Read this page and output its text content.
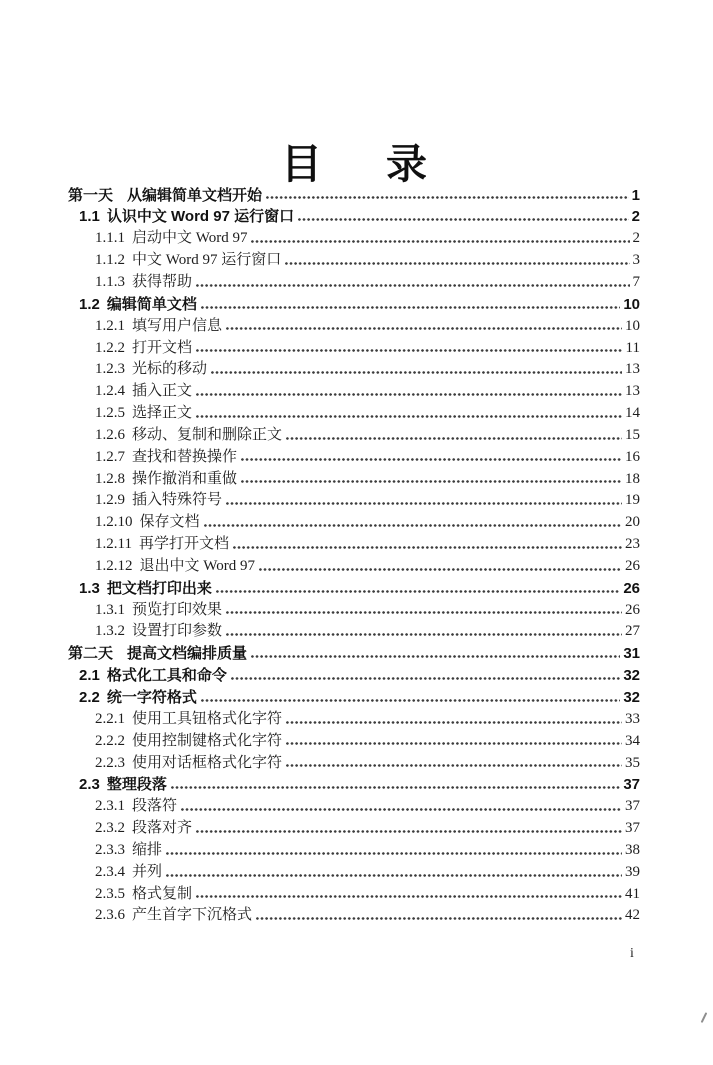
目 录
第一天 从编辑简单文档开始	1
1.1 认识中文 Word 97 运行窗口	2
1.1.1 启动中文 Word 97	2
1.1.2 中文 Word 97 运行窗口	3
1.1.3 获得帮助	7
1.2 编辑简单文档	10
1.2.1 填写用户信息	10
1.2.2 打开文档	11
1.2.3 光标的移动	13
1.2.4 插入正文	13
1.2.5 选择正文	14
1.2.6 移动、复制和删除正文	15
1.2.7 查找和替换操作	16
1.2.8 操作撤消和重做	18
1.2.9 插入特殊符号	19
1.2.10 保存文档	20
1.2.11 再学打开文档	23
1.2.12 退出中文 Word 97	26
1.3 把文档打印出来	26
1.3.1 预览打印效果	26
1.3.2 设置打印参数	27
第二天 提高文档编排质量	31
2.1 格式化工具和命令	32
2.2 统一字符格式	32
2.2.1 使用工具钮格式化字符	33
2.2.2 使用控制键格式化字符	34
2.2.3 使用对话框格式化字符	35
2.3 整理段落	37
2.3.1 段落符	37
2.3.2 段落对齐	37
2.3.3 缩排	38
2.3.4 并列	39
2.3.5 格式复制	41
2.3.6 产生首字下沉格式	42
i
